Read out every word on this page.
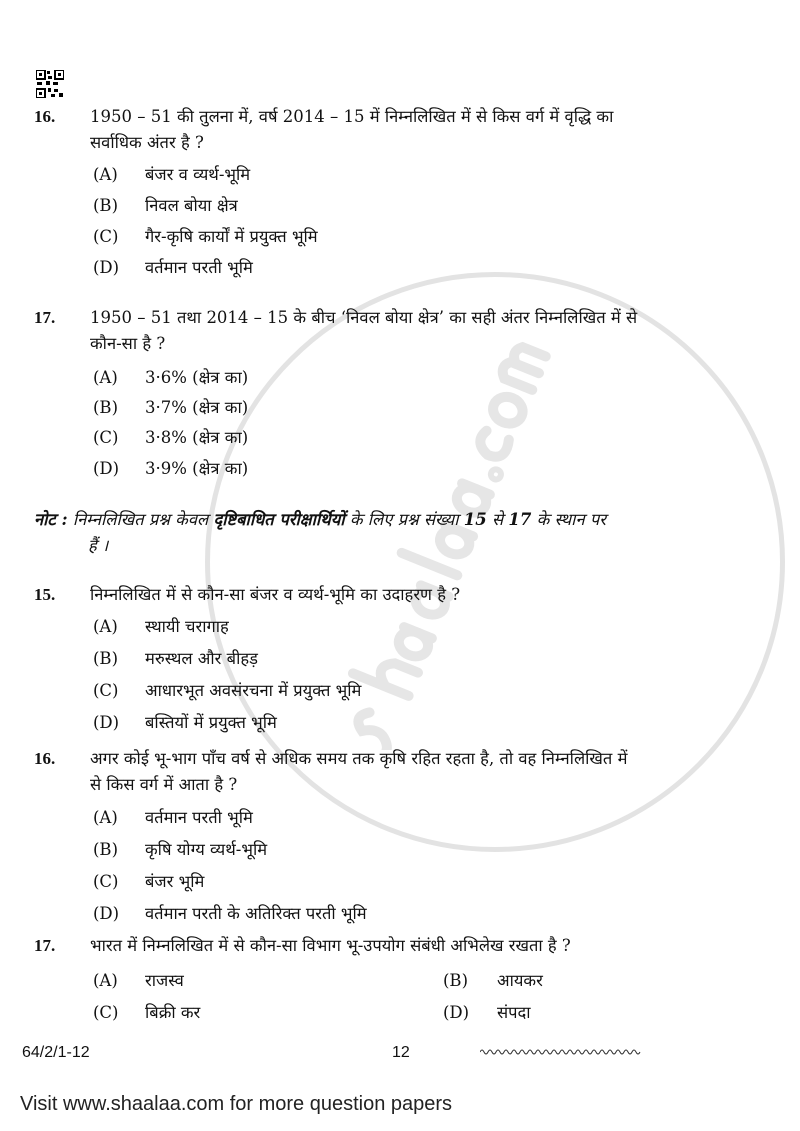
16. 1950 – 51 की तुलना में, वर्ष 2014 – 15 में निम्नलिखित में से किस वर्ग में वृद्धि का
सर्वाधिक अंतर है ?
(A) बंजर व व्यर्थ-भूमि
(B) निवल बोया क्षेत्र
(C) गैर-कृषि कार्यों में प्रयुक्त भूमि
(D) वर्तमान परती भूमि
17. 1950 – 51 तथा 2014 – 15 के बीच ‘निवल बोया क्षेत्र’ का सही अंतर निम्नलिखित में से
कौन-सा है ?
(A) 3·6% (क्षेत्र का)
(B) 3·7% (क्षेत्र का)
(C) 3·8% (क्षेत्र का)
(D) 3·9% (क्षेत्र का)
नोट : निम्नलिखित प्रश्न केवल दृष्टिबाधित परीक्षार्थियों के लिए प्रश्न संख्या 15 से 17 के स्थान पर
हैं ।
15. निम्नलिखित में से कौन-सा बंजर व व्यर्थ-भूमि का उदाहरण है ?
(A) स्थायी चरागाह
(B) मरुस्थल और बीहड़
(C) आधारभूत अवसंरचना में प्रयुक्त भूमि
(D) बस्तियों में प्रयुक्त भूमि
16. अगर कोई भू-भाग पाँच वर्ष से अधिक समय तक कृषि रहित रहता है, तो वह निम्नलिखित में
से किस वर्ग में आता है ?
(A) वर्तमान परती भूमि
(B) कृषि योग्य व्यर्थ-भूमि
(C) बंजर भूमि
(D) वर्तमान परती के अतिरिक्त परती भूमि
17. भारत में निम्नलिखित में से कौन-सा विभाग भू-उपयोग संबंधी अभिलेख रखता है ?
(A) राजस्व	(B) आयकर
(C) बिक्री कर	(D) संपदा
64/2/1-12	12
Visit www.shaalaa.com for more question papers
